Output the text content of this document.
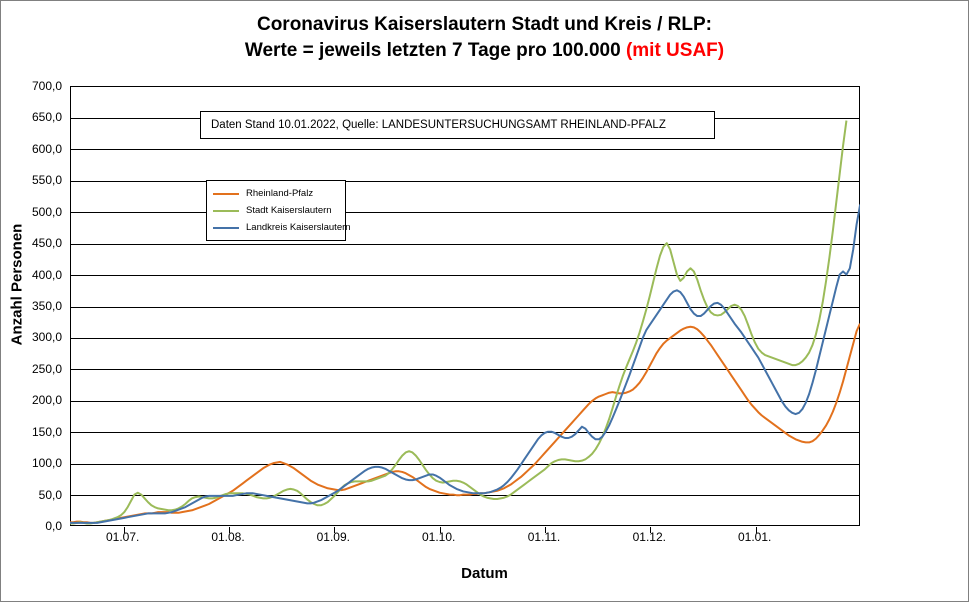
Coronavirus Kaiserslautern Stadt und Kreis / RLP:
Werte = jeweils letzten 7 Tage pro 100.000 (mit USAF)
0,0
50,0
100,0
150,0
200,0
250,0
300,0
350,0
400,0
450,0
500,0
550,0
600,0
650,0
700,0
01.07.	01.08.	01.09.	01.10.	01.11.	01.12.	01.01.
Datum
Anzahl Personen
Daten Stand 10.01.2022, Quelle: LANDESUNTERSUCHUNGSAMT RHEINLAND-PFALZ
Rheinland-Pfalz
Stadt Kaiserslautern
Landkreis Kaiserslautern
